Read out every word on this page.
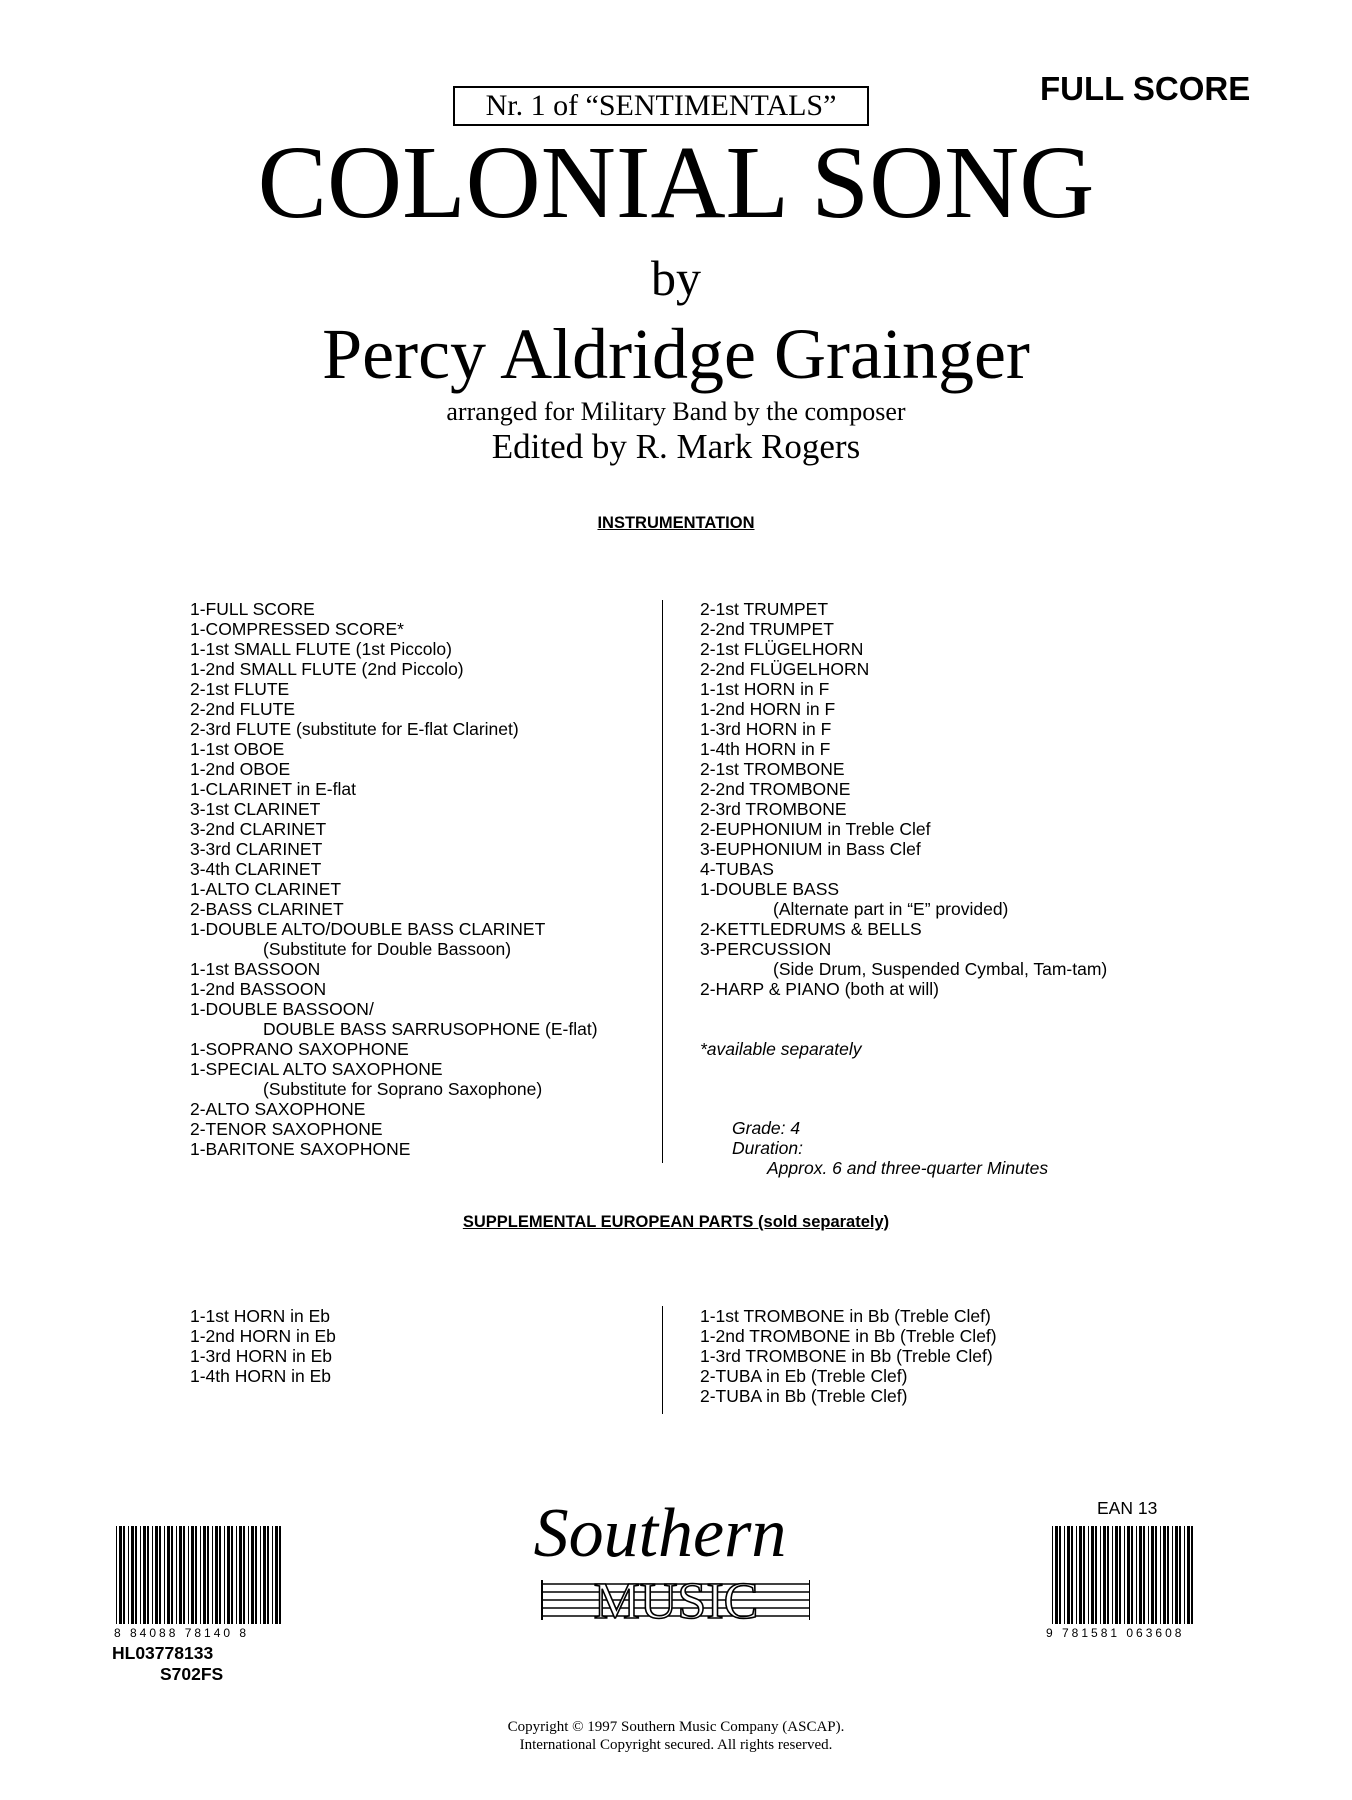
Nr. 1 of “SENTIMENTALS”	FULL SCORE
COLONIAL SONG
by
Percy Aldridge Grainger
arranged for Military Band by the composer
Edited by R. Mark Rogers
INSTRUMENTATION
1-FULL SCORE
1-COMPRESSED SCORE*
1-1st SMALL FLUTE (1st Piccolo)
1-2nd SMALL FLUTE (2nd Piccolo)
2-1st FLUTE
2-2nd FLUTE
2-3rd FLUTE (substitute for E-flat Clarinet)
1-1st OBOE
1-2nd OBOE
1-CLARINET in E-flat
3-1st CLARINET
3-2nd CLARINET
3-3rd CLARINET
3-4th CLARINET
1-ALTO CLARINET
2-BASS CLARINET
1-DOUBLE ALTO/DOUBLE BASS CLARINET
(Substitute for Double Bassoon)
1-1st BASSOON
1-2nd BASSOON
1-DOUBLE BASSOON/
DOUBLE BASS SARRUSOPHONE (E-flat)
1-SOPRANO SAXOPHONE
1-SPECIAL ALTO SAXOPHONE
(Substitute for Soprano Saxophone)
2-ALTO SAXOPHONE
2-TENOR SAXOPHONE
1-BARITONE SAXOPHONE
2-1st TRUMPET
2-2nd TRUMPET
2-1st FLÜGELHORN
2-2nd FLÜGELHORN
1-1st HORN in F
1-2nd HORN in F
1-3rd HORN in F
1-4th HORN in F
2-1st TROMBONE
2-2nd TROMBONE
2-3rd TROMBONE
2-EUPHONIUM in Treble Clef
3-EUPHONIUM in Bass Clef
4-TUBAS
1-DOUBLE BASS
(Alternate part in “E” provided)
2-KETTLEDRUMS & BELLS
3-PERCUSSION
(Side Drum, Suspended Cymbal, Tam-tam)
2-HARP & PIANO (both at will)
*available separately
Grade: 4
Duration:
Approx. 6 and three-quarter Minutes
SUPPLEMENTAL EUROPEAN PARTS (sold separately)
1-1st HORN in Eb
1-2nd HORN in Eb
1-3rd HORN in Eb
1-4th HORN in Eb
1-1st TROMBONE in Bb (Treble Clef)
1-2nd TROMBONE in Bb (Treble Clef)
1-3rd TROMBONE in Bb (Treble Clef)
2-TUBA in Eb (Treble Clef)
2-TUBA in Bb (Treble Clef)
8 84088 78140 8
HL03778133
S702FS
Southern
MUSIC
EAN 13
9 781581 063608
Copyright © 1997 Southern Music Company (ASCAP).
International Copyright secured. All rights reserved.
